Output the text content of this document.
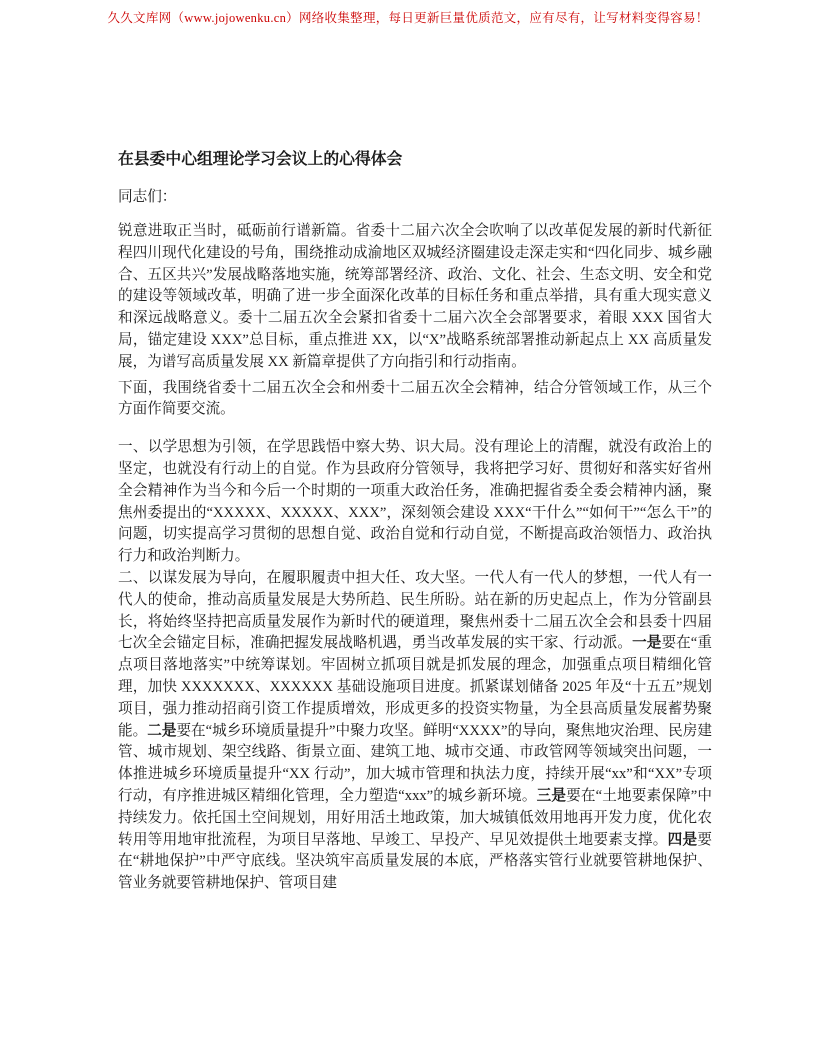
久久文库网（www.jojowenku.cn）网络收集整理，每日更新巨量优质范文，应有尽有，让写材料变得容易！
在县委中心组理论学习会议上的心得体会
同志们：

锐意进取正当时，砥砺前行谱新篇。省委十二届六次全会吹响了以改革促发展的新时代新征程四川现代化建设的号角，围绕推动成渝地区双城经济圈建设走深走实和“四化同步、城乡融合、五区共兴”发展战略落地实施，统筹部署经济、政治、文化、社会、生态文明、安全和党的建设等领域改革，明确了进一步全面深化改革的目标任务和重点举措，具有重大现实意义和深远战略意义。委十二届五次全会紧扣省委十二届六次全会部署要求，着眼 XXX 国省大局，锚定建设 XXX”总目标，重点推进 XX，以“X”战略系统部署推动新起点上 XX 高质量发展，为谱写高质量发展 XX 新篇章提供了方向指引和行动指南。

下面，我围绕省委十二届五次全会和州委十二届五次全会精神，结合分管领域工作，从三个方面作简要交流。

一、以学思想为引领，在学思践悟中察大势、识大局。没有理论上的清醒，就没有政治上的坚定，也就没有行动上的自觉。作为县政府分管领导，我将把学习好、贯彻好和落实好省州全会精神作为当今和今后一个时期的一项重大政治任务，准确把握省委全委会精神内涵，聚焦州委提出的“XXXXX、XXXXX、XXX”，深刻领会建设 XXX“干什么”“如何干”“怎么干”的问题，切实提高学习贯彻的思想自觉、政治自觉和行动自觉，不断提高政治领悟力、政治执行力和政治判断力。

二、以谋发展为导向，在履职履责中担大任、攻大坚。一代人有一代人的梦想，一代人有一代人的使命，推动高质量发展是大势所趋、民生所盼。站在新的历史起点上，作为分管副县长，将始终坚持把高质量发展作为新时代的硬道理，聚焦州委十二届五次全会和县委十四届七次全会锚定目标，准确把握发展战略机遇，勇当改革发展的实干家、行动派。一是要在“重点项目落地落实”中统筹谋划。牢固树立抓项目就是抓发展的理念，加强重点项目精细化管理，加快 XXXXXXX、XXXXXX 基础设施项目进度。抓紧谋划储备 2025 年及“十五五”规划项目，强力推动招商引资工作提质增效，形成更多的投资实物量，为全县高质量发展蓄势聚能。二是要在“城乡环境质量提升”中聚力攻坚。鲜明“XXXX”的导向，聚焦地灾治理、民房建管、城市规划、架空线路、街景立面、建筑工地、城市交通、市政管网等领域突出问题，一体推进城乡环境质量提升“XX 行动”，加大城市管理和执法力度，持续开展“xx”和“XX”专项行动，有序推进城区精细化管理，全力塑造“xxx”的城乡新环境。三是要在“土地要素保障”中持续发力。依托国土空间规划，用好用活土地政策，加大城镇低效用地再开发力度，优化农转用等用地审批流程，为项目早落地、早竣工、早投产、早见效提供土地要素支撑。四是要在“耕地保护”中严守底线。坚决筑牢高质量发展的本底，严格落实管行业就要管耕地保护、管业务就要管耕地保护、管项目建
